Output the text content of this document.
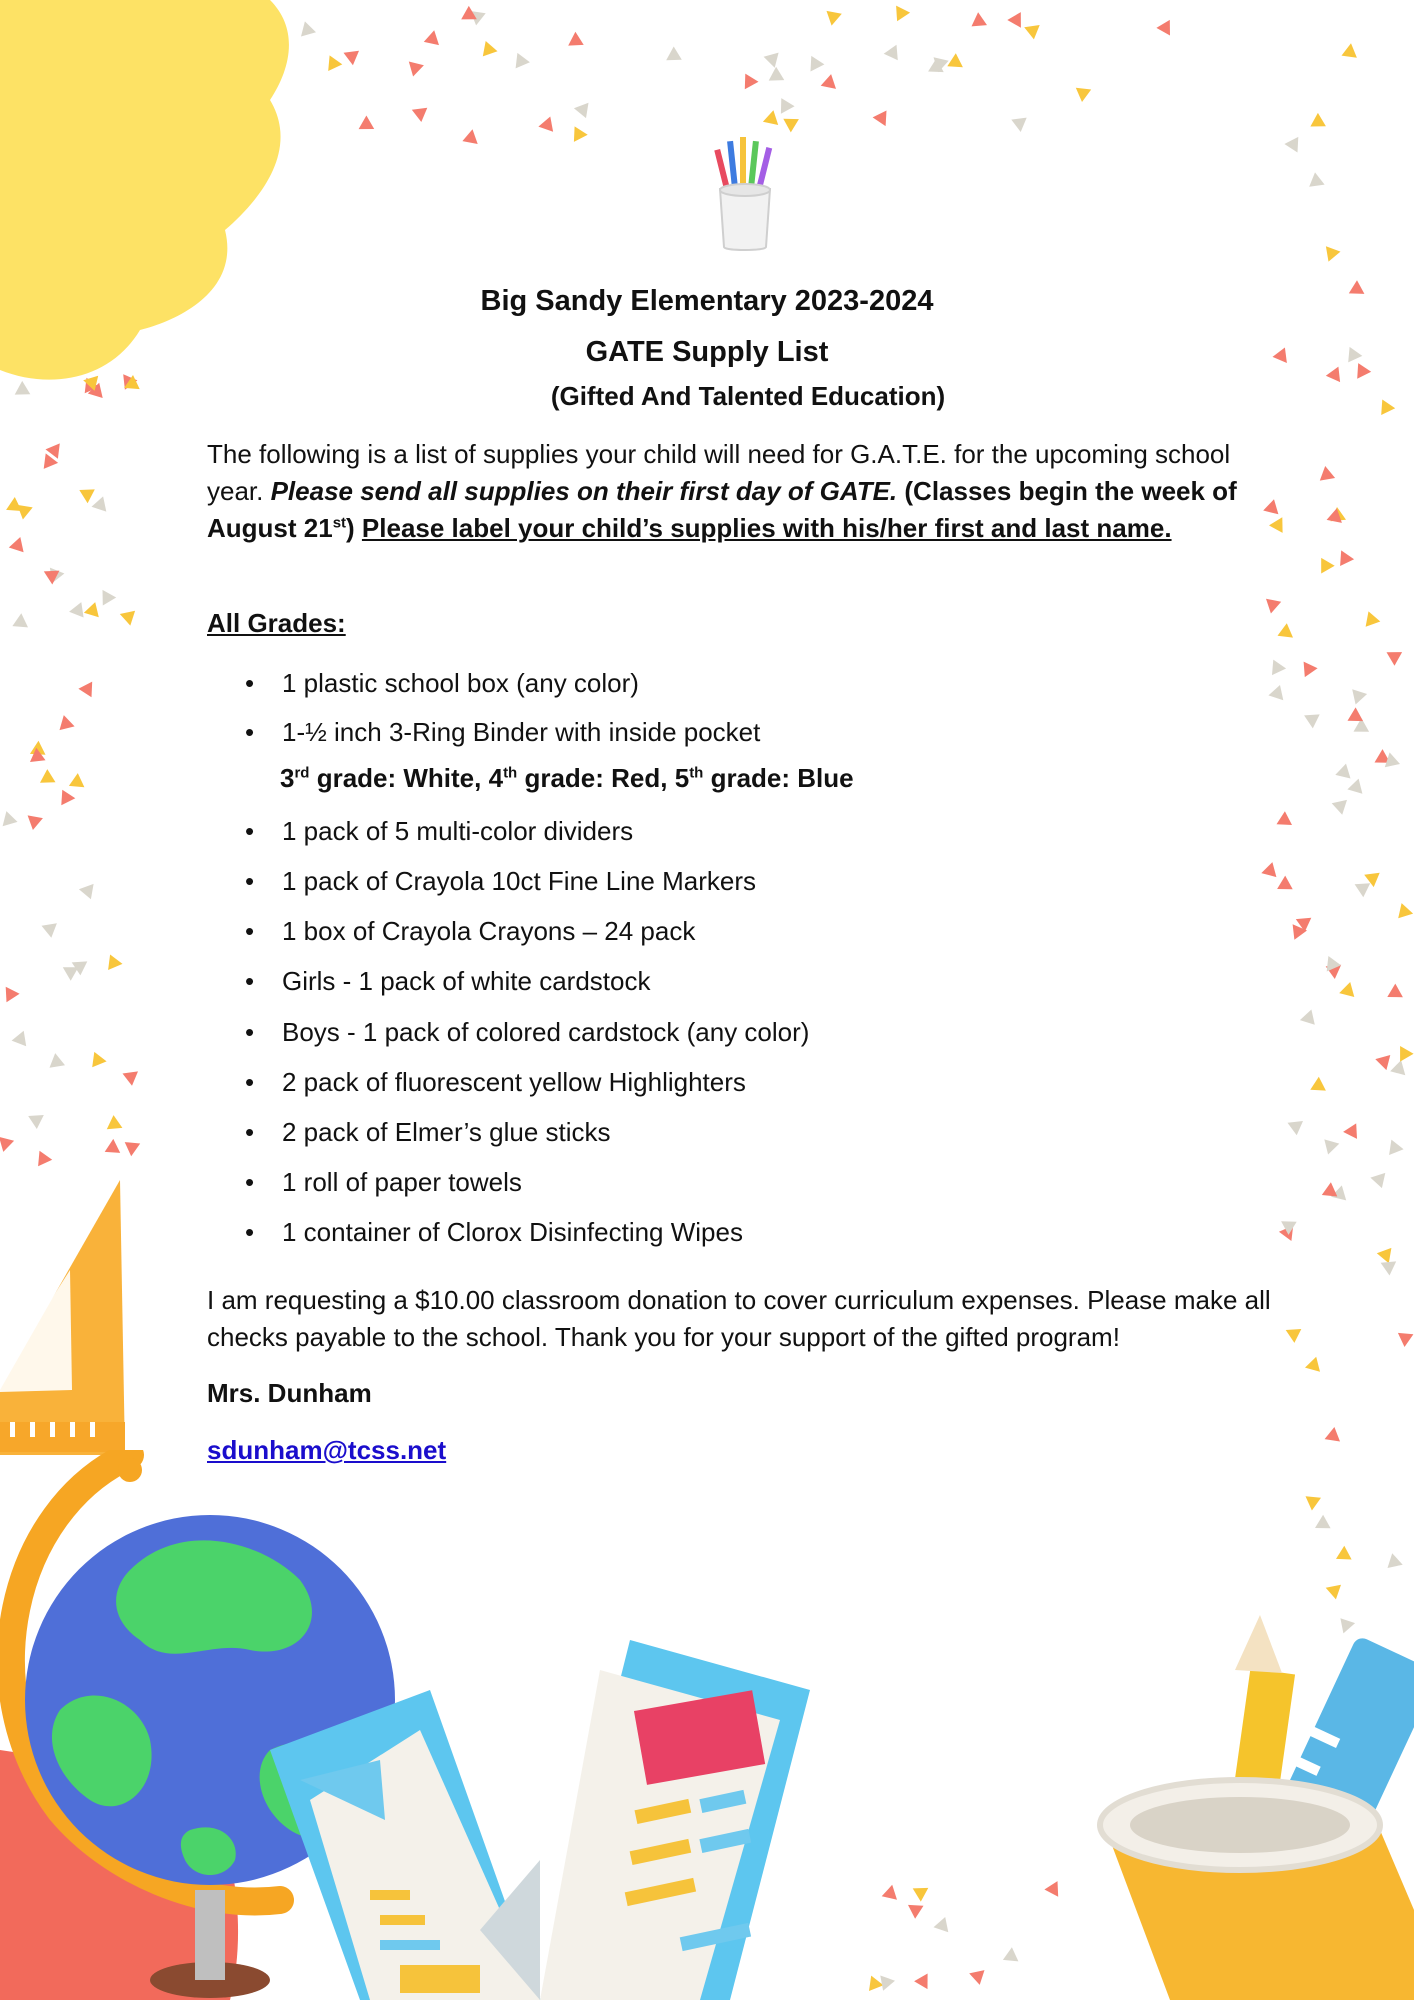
Big Sandy Elementary 2023-2024
GATE Supply List
(Gifted And Talented Education)

The following is a list of supplies your child will need for G.A.T.E. for the upcoming school year. Please send all supplies on their first day of GATE. (Classes begin the week of August 21st) Please label your child’s supplies with his/her first and last name.

All Grades:
• 1 plastic school box (any color)
• 1-½ inch 3-Ring Binder with inside pocket
3rd grade: White, 4th grade: Red, 5th grade: Blue
• 1 pack of 5 multi-color dividers
• 1 pack of Crayola 10ct Fine Line Markers
• 1 box of Crayola Crayons – 24 pack
• Girls - 1 pack of white cardstock
• Boys - 1 pack of colored cardstock (any color)
• 2 pack of fluorescent yellow Highlighters
• 2 pack of Elmer’s glue sticks
• 1 roll of paper towels
• 1 container of Clorox Disinfecting Wipes

I am requesting a $10.00 classroom donation to cover curriculum expenses. Please make all checks payable to the school. Thank you for your support of the gifted program!

Mrs. Dunham
sdunham@tcss.net
